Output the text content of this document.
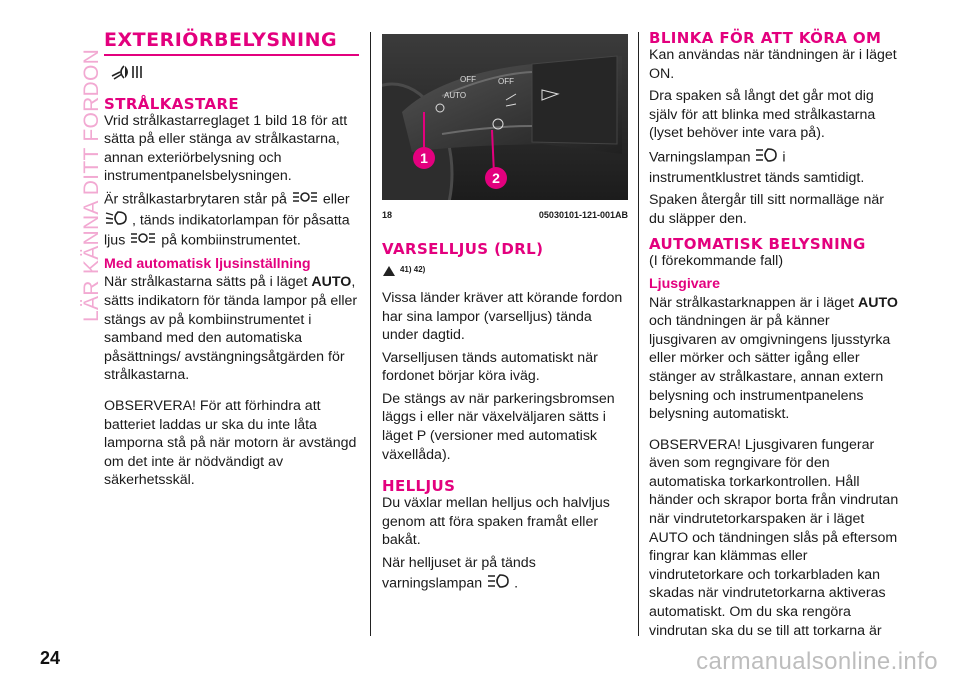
LÄR KÄNNA DITT FORDON
EXTERIÖRBELYSNING
STRÅLKASTARE

Vrid strålkastarreglaget 1 bild 18 för att sätta på eller stänga av strålkastarna, annan exteriörbelysning och instrumentpanelsbelysningen.

Är strålkastarbrytaren står på	eller  , tänds indikatorlampan för påsatta ljus	på kombiinstrumentet.

Med automatisk ljusinställning

När strålkastarna sätts på i läget AUTO, sätts indikatorn för tända lampor på eller stängs av på kombiinstrumentet i samband med den automatiska påsättnings/ avstängningsåtgärden för strålkastarna.

OBSERVERA! För att förhindra att batteriet laddas ur ska du inte låta lamporna stå på när motorn är avstängd om det inte är nödvändigt av säkerhetsskäl.

OFF	OFF
AUTO
1
2
18	05030101-121-001AB
VARSELLJUS (DRL)
$^{41) 42)}$

Vissa länder kräver att körande fordon har sina lampor (varselljus) tända under dagtid.

Varselljusen tänds automatiskt när fordonet börjar köra iväg.

De stängs av när parkeringsbromsen läggs i eller när växelväljaren sätts i läget P (versioner med automatisk växellåda).

HELLJUS

Du växlar mellan helljus och halvljus genom att föra spaken framåt eller bakåt.

När helljuset är på tänds varningslampan .

BLINKA FÖR ATT KÖRA OM

Kan användas när tändningen är i läget ON.

Dra spaken så långt det går mot dig själv för att blinka med strålkastarna (lyset behöver inte vara på).

Varningslampan i instrumentklustret tänds samtidigt.

Spaken återgår till sitt normalläge när du släpper den.

AUTOMATISK BELYSNING

(I förekommande fall)

Ljusgivare

När strålkastarknappen är i läget AUTO och tändningen är på känner ljusgivaren av omgivningens ljusstyrka eller mörker och sätter igång eller stänger av strålkastare, annan extern belysning och instrumentpanelens belysning automatiskt.

OBSERVERA! Ljusgivaren fungerar även som regngivare för den automatiska torkarkontrollen. Håll händer och skrapor borta från vindrutan när vindrutetorkarspaken är i läget AUTO och tändningen slås på eftersom fingrar kan klämmas eller vindrutetorkare och torkarbladen kan skadas när vindrutetorkarna aktiveras automatiskt. Om du ska rengöra vindrutan ska du se till att torkarna är

24	carmanualsonline.info
